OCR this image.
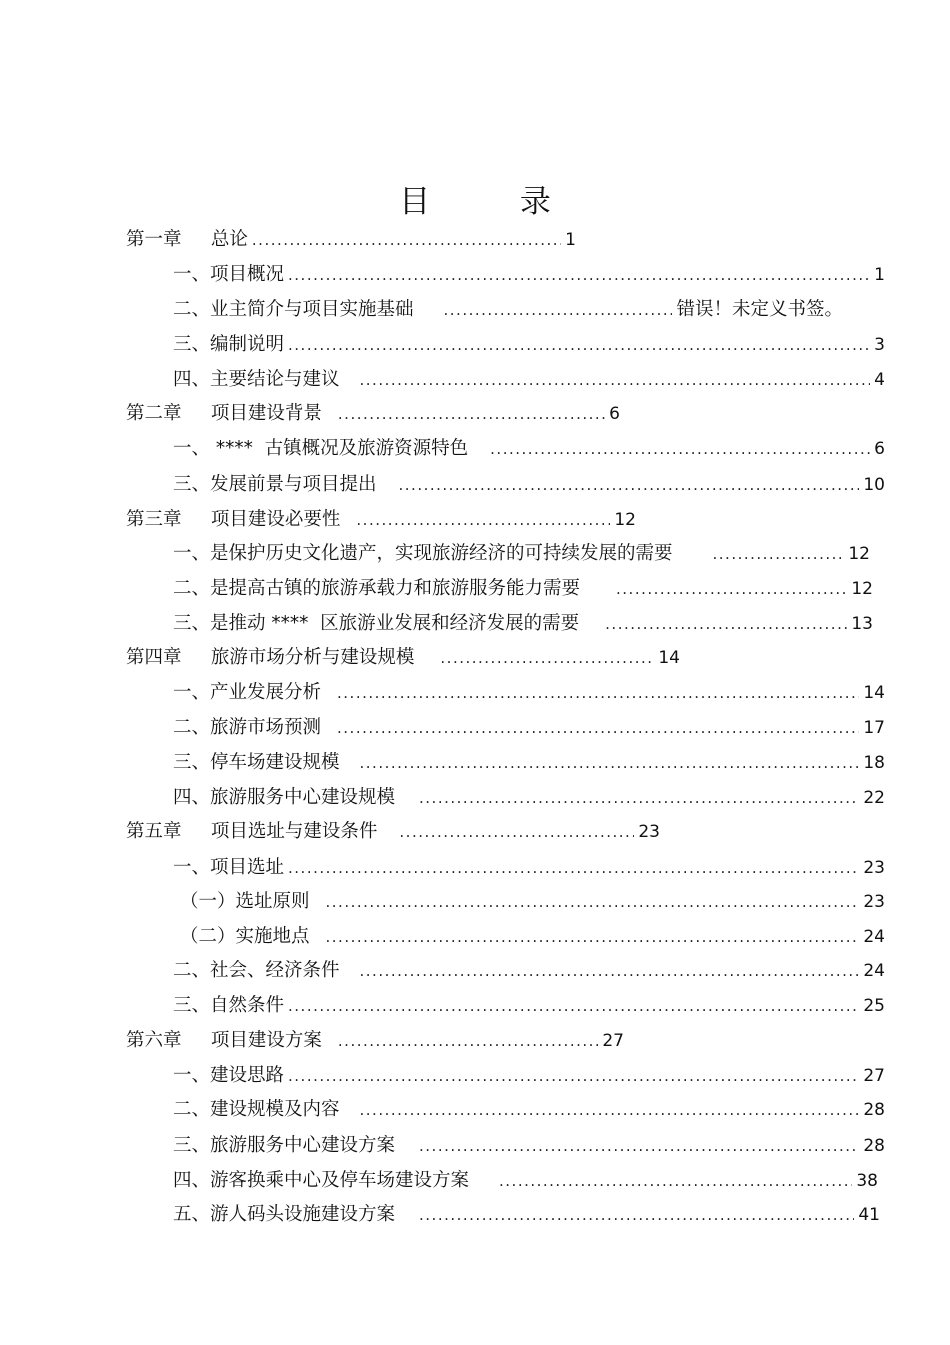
目 录
第一章     总论 .....	1
一、项目概况 .....	1
二、业主简介与项目实施基础 .....	错误！未定义书签。
三、编制说明 .....	3
四、主要结论与建议 .....	4
第二章     项目建设背景 .....	6
一、 ****  古镇概况及旅游资源特色 .....	6
三、发展前景与项目提出 .....	10
第三章     项目建设必要性 .....	12
一、是保护历史文化遗产，实现旅游经济的可持续发展的需要 .....	12
二、是提高古镇的旅游承载力和旅游服务能力需要 .....	12
三、是推动 ****  区旅游业发展和经济发展的需要 .....	13
第四章     旅游市场分析与建设规模 .....	14
一、产业发展分析 .....	14
二、旅游市场预测 .....	17
三、停车场建设规模 .....	18
四、旅游服务中心建设规模 .....	22
第五章     项目选址与建设条件 .....	23
一、项目选址 .....	23
（一）选址原则 .....	23
（二）实施地点 .....	24
二、社会、经济条件 .....	24
三、自然条件 .....	25
第六章     项目建设方案 .....	27
一、建设思路 .....	27
二、建设规模及内容 .....	28
三、旅游服务中心建设方案 .....	28
四、游客换乘中心及停车场建设方案 .....	38
五、游人码头设施建设方案 .....	41
